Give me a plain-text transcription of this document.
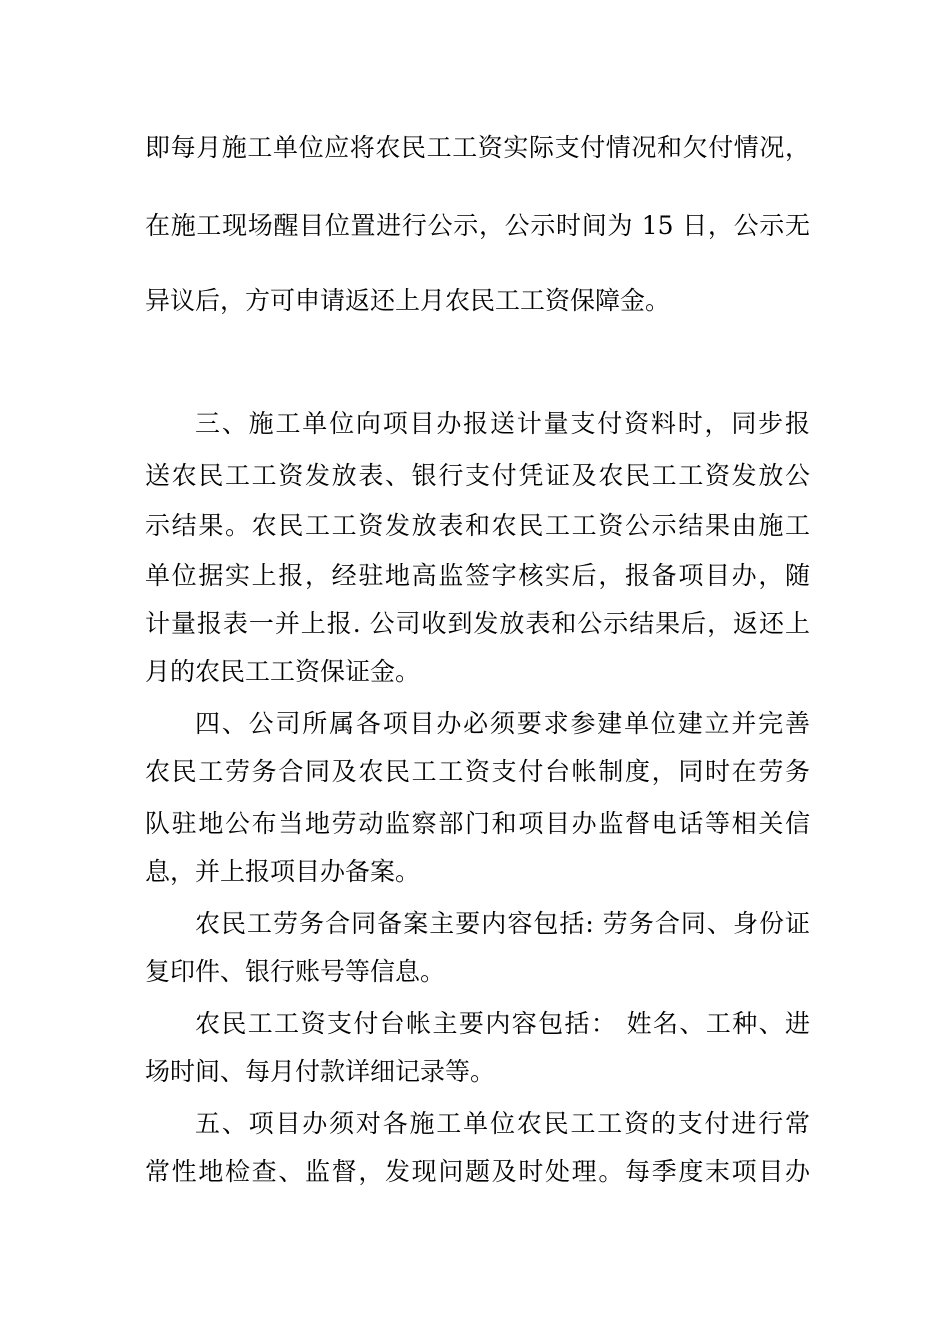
即每月施工单位应将农民工工资实际支付情况和欠付情况，
在施工现场醒目位置进行公示，公示时间为 15 日，公示无
异议后，方可申请返还上月农民工工资保障金。
三、施工单位向项目办报送计量支付资料时，同步报
送农民工工资发放表、银行支付凭证及农民工工资发放公
示结果。农民工工资发放表和农民工工资公示结果由施工
单位据实上报，经驻地高监签字核实后，报备项目办，随
计量报表一并上报. 公司收到发放表和公示结果后，返还上
月的农民工工资保证金。
四、公司所属各项目办必须要求参建单位建立并完善
农民工劳务合同及农民工工资支付台帐制度，同时在劳务
队驻地公布当地劳动监察部门和项目办监督电话等相关信
息，并上报项目办备案。
农民工劳务合同备案主要内容包括: 劳务合同、身份证
复印件、银行账号等信息。
农民工工资支付台帐主要内容包括： 姓名、工种、进
场时间、每月付款详细记录等。
五、项目办须对各施工单位农民工工资的支付进行常
常性地检查、监督，发现问题及时处理。每季度末项目办
